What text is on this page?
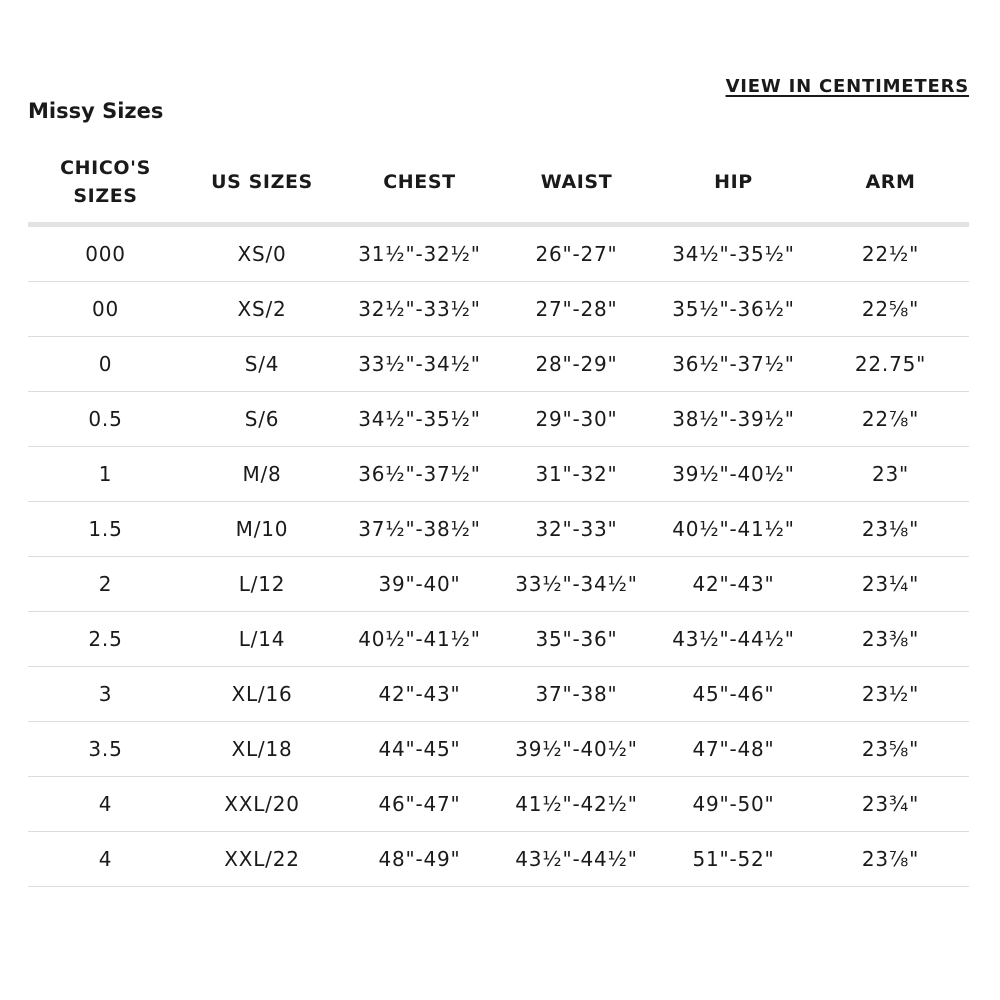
VIEW IN CENTIMETERS
Missy Sizes
CHICO'S
SIZES	US SIZES	CHEST	WAIST	HIP	ARM
000	XS/0	31½"-32½"	26"-27"	34½"-35½"	22½"
00	XS/2	32½"-33½"	27"-28"	35½"-36½"	22⅝"
0	S/4	33½"-34½"	28"-29"	36½"-37½"	22.75"
0.5	S/6	34½"-35½"	29"-30"	38½"-39½"	22⅞"
1	M/8	36½"-37½"	31"-32"	39½"-40½"	23"
1.5	M/10	37½"-38½"	32"-33"	40½"-41½"	23⅛"
2	L/12	39"-40"	33½"-34½"	42"-43"	23¼"
2.5	L/14	40½"-41½"	35"-36"	43½"-44½"	23⅜"
3	XL/16	42"-43"	37"-38"	45"-46"	23½"
3.5	XL/18	44"-45"	39½"-40½"	47"-48"	23⅝"
4	XXL/20	46"-47"	41½"-42½"	49"-50"	23¾"
4	XXL/22	48"-49"	43½"-44½"	51"-52"	23⅞"
